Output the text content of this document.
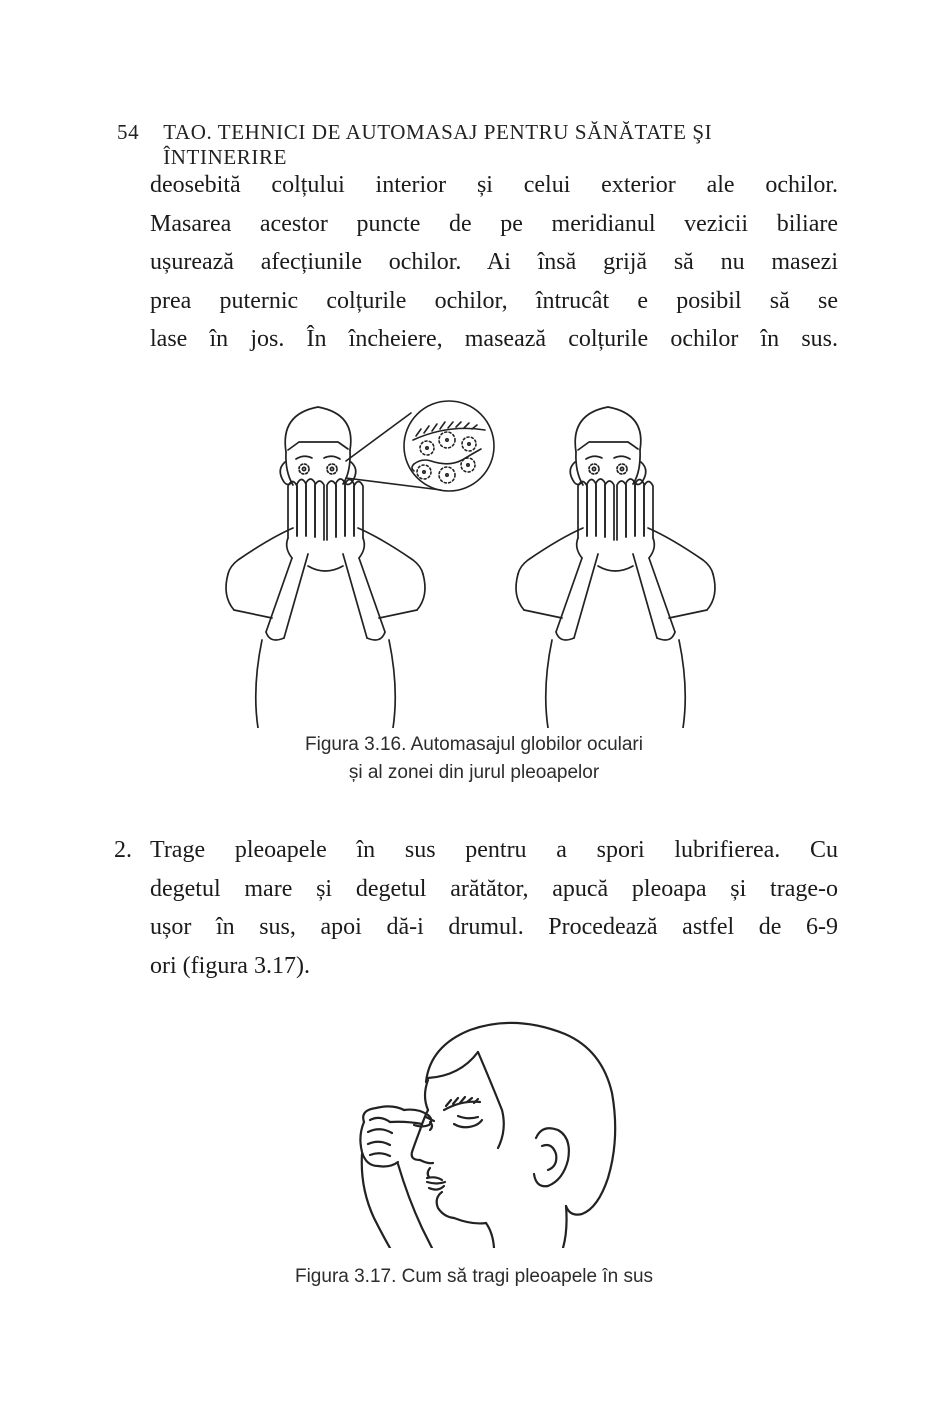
54 TAO. TEHNICI DE AUTOMASAJ PENTRU SĂNĂTATE ŞI ÎNTINERIRE
deosebită colțului interior și celui exterior ale ochilor.
Masarea acestor puncte de pe meridianul vezicii biliare
ușurează afecțiunile ochilor. Ai însă grijă să nu masezi
prea puternic colțurile ochilor, întrucât e posibil să se
lase în jos. În încheiere, masează colțurile ochilor în sus.
Figura 3.16. Automasajul globilor oculari
și al zonei din jurul pleoapelor
2. Trage pleoapele în sus pentru a spori lubrifierea. Cu
degetul mare și degetul arătător, apucă pleoapa și trage-o
ușor în sus, apoi dă-i drumul. Procedează astfel de 6-9
ori (figura 3.17).
Figura 3.17. Cum să tragi pleoapele în sus
